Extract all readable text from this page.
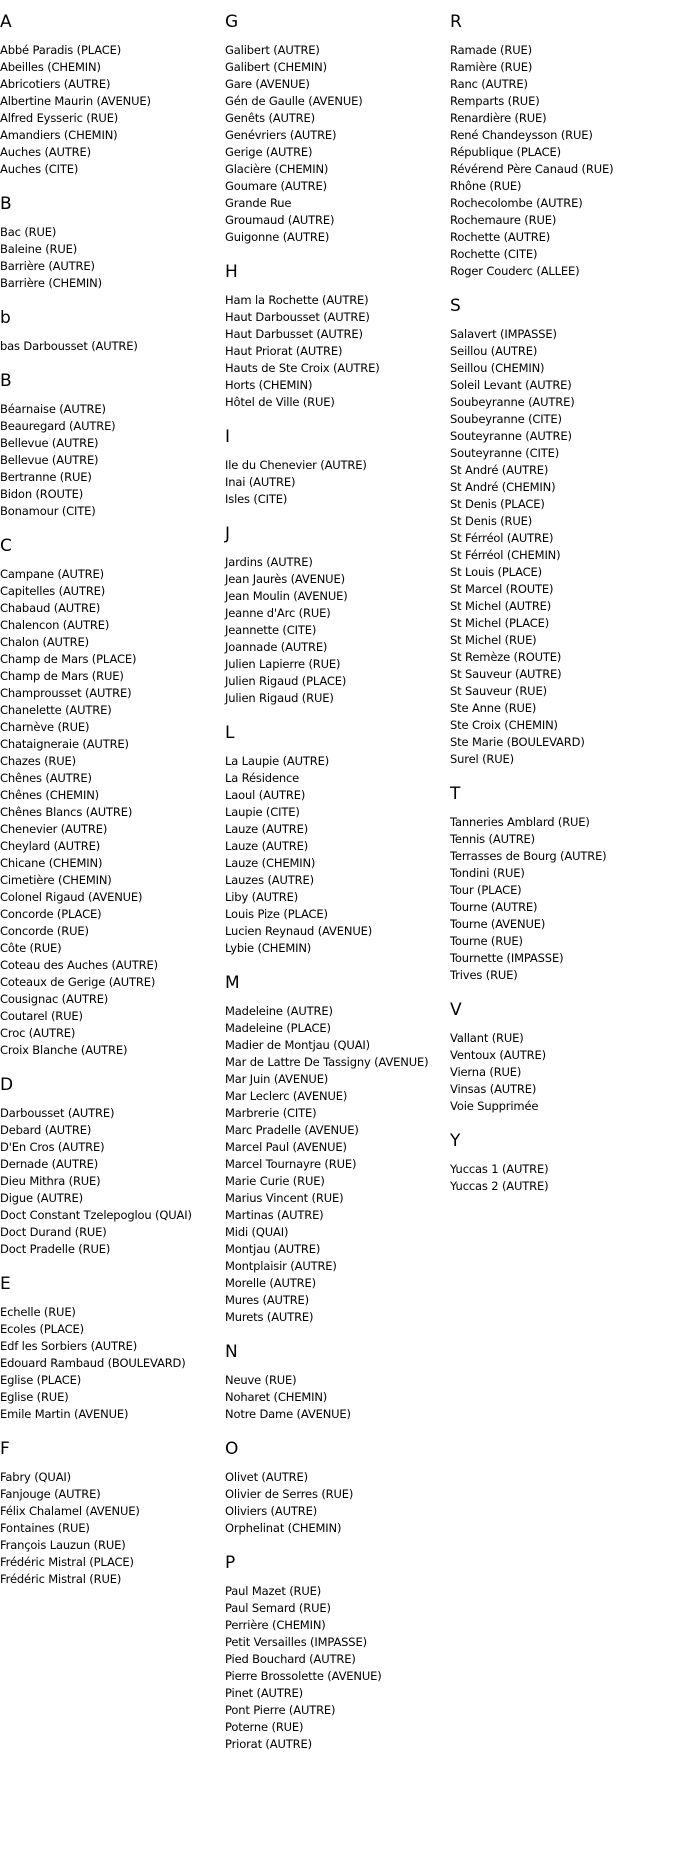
A
Abbé Paradis (PLACE)
Abeilles (CHEMIN)
Abricotiers (AUTRE)
Albertine Maurin (AVENUE)
Alfred Eysseric (RUE)
Amandiers (CHEMIN)
Auches (AUTRE)
Auches (CITE)
B
Bac (RUE)
Baleine (RUE)
Barrière (AUTRE)
Barrière (CHEMIN)
b
bas Darbousset (AUTRE)
B
Béarnaise (AUTRE)
Beauregard (AUTRE)
Bellevue (AUTRE)
Bellevue (AUTRE)
Bertranne (RUE)
Bidon (ROUTE)
Bonamour (CITE)
C
Campane (AUTRE)
Capitelles (AUTRE)
Chabaud (AUTRE)
Chalencon (AUTRE)
Chalon (AUTRE)
Champ de Mars (PLACE)
Champ de Mars (RUE)
Champrousset (AUTRE)
Chanelette (AUTRE)
Charnève (RUE)
Chataigneraie (AUTRE)
Chazes (RUE)
Chênes (AUTRE)
Chênes (CHEMIN)
Chênes Blancs (AUTRE)
Chenevier (AUTRE)
Cheylard (AUTRE)
Chicane (CHEMIN)
Cimetière (CHEMIN)
Colonel Rigaud (AVENUE)
Concorde (PLACE)
Concorde (RUE)
Côte (RUE)
Coteau des Auches (AUTRE)
Coteaux de Gerige (AUTRE)
Cousignac (AUTRE)
Coutarel (RUE)
Croc (AUTRE)
Croix Blanche (AUTRE)
D
Darbousset (AUTRE)
Debard (AUTRE)
D'En Cros (AUTRE)
Dernade (AUTRE)
Dieu Mithra (RUE)
Digue (AUTRE)
Doct Constant Tzelepoglou (QUAI)
Doct Durand (RUE)
Doct Pradelle (RUE)
E
Echelle (RUE)
Ecoles (PLACE)
Edf les Sorbiers (AUTRE)
Edouard Rambaud (BOULEVARD)
Eglise (PLACE)
Eglise (RUE)
Emile Martin (AVENUE)
F
Fabry (QUAI)
Fanjouge (AUTRE)
Félix Chalamel (AVENUE)
Fontaines (RUE)
François Lauzun (RUE)
Frédéric Mistral (PLACE)
Frédéric Mistral (RUE)
G
Galibert (AUTRE)
Galibert (CHEMIN)
Gare (AVENUE)
Gén de Gaulle (AVENUE)
Genêts (AUTRE)
Genévriers (AUTRE)
Gerige (AUTRE)
Glacière (CHEMIN)
Goumare (AUTRE)
Grande Rue
Groumaud (AUTRE)
Guigonne (AUTRE)
H
Ham la Rochette (AUTRE)
Haut Darbousset (AUTRE)
Haut Darbusset (AUTRE)
Haut Priorat (AUTRE)
Hauts de Ste Croix (AUTRE)
Horts (CHEMIN)
Hôtel de Ville (RUE)
I
Ile du Chenevier (AUTRE)
Inai (AUTRE)
Isles (CITE)
J
Jardins (AUTRE)
Jean Jaurès (AVENUE)
Jean Moulin (AVENUE)
Jeanne d'Arc (RUE)
Jeannette (CITE)
Joannade (AUTRE)
Julien Lapierre (RUE)
Julien Rigaud (PLACE)
Julien Rigaud (RUE)
L
La Laupie (AUTRE)
La Résidence
Laoul (AUTRE)
Laupie (CITE)
Lauze (AUTRE)
Lauze (AUTRE)
Lauze (CHEMIN)
Lauzes (AUTRE)
Liby (AUTRE)
Louis Pize (PLACE)
Lucien Reynaud (AVENUE)
Lybie (CHEMIN)
M
Madeleine (AUTRE)
Madeleine (PLACE)
Madier de Montjau (QUAI)
Mar de Lattre De Tassigny (AVENUE)
Mar Juin (AVENUE)
Mar Leclerc (AVENUE)
Marbrerie (CITE)
Marc Pradelle (AVENUE)
Marcel Paul (AVENUE)
Marcel Tournayre (RUE)
Marie Curie (RUE)
Marius Vincent (RUE)
Martinas (AUTRE)
Midi (QUAI)
Montjau (AUTRE)
Montplaisir (AUTRE)
Morelle (AUTRE)
Mures (AUTRE)
Murets (AUTRE)
N
Neuve (RUE)
Noharet (CHEMIN)
Notre Dame (AVENUE)
O
Olivet (AUTRE)
Olivier de Serres (RUE)
Oliviers (AUTRE)
Orphelinat (CHEMIN)
P
Paul Mazet (RUE)
Paul Semard (RUE)
Perrière (CHEMIN)
Petit Versailles (IMPASSE)
Pied Bouchard (AUTRE)
Pierre Brossolette (AVENUE)
Pinet (AUTRE)
Pont Pierre (AUTRE)
Poterne (RUE)
Priorat (AUTRE)
R
Ramade (RUE)
Ramière (RUE)
Ranc (AUTRE)
Remparts (RUE)
Renardière (RUE)
René Chandeysson (RUE)
République (PLACE)
Révérend Père Canaud (RUE)
Rhône (RUE)
Rochecolombe (AUTRE)
Rochemaure (RUE)
Rochette (AUTRE)
Rochette (CITE)
Roger Couderc (ALLEE)
S
Salavert (IMPASSE)
Seillou (AUTRE)
Seillou (CHEMIN)
Soleil Levant (AUTRE)
Soubeyranne (AUTRE)
Soubeyranne (CITE)
Souteyranne (AUTRE)
Souteyranne (CITE)
St André (AUTRE)
St André (CHEMIN)
St Denis (PLACE)
St Denis (RUE)
St Férréol (AUTRE)
St Férréol (CHEMIN)
St Louis (PLACE)
St Marcel (ROUTE)
St Michel (AUTRE)
St Michel (PLACE)
St Michel (RUE)
St Remèze (ROUTE)
St Sauveur (AUTRE)
St Sauveur (RUE)
Ste Anne (RUE)
Ste Croix (CHEMIN)
Ste Marie (BOULEVARD)
Surel (RUE)
T
Tanneries Amblard (RUE)
Tennis (AUTRE)
Terrasses de Bourg (AUTRE)
Tondini (RUE)
Tour (PLACE)
Tourne (AUTRE)
Tourne (AVENUE)
Tourne (RUE)
Tournette (IMPASSE)
Trives (RUE)
V
Vallant (RUE)
Ventoux (AUTRE)
Vierna (RUE)
Vinsas (AUTRE)
Voie Supprimée
Y
Yuccas 1 (AUTRE)
Yuccas 2 (AUTRE)
